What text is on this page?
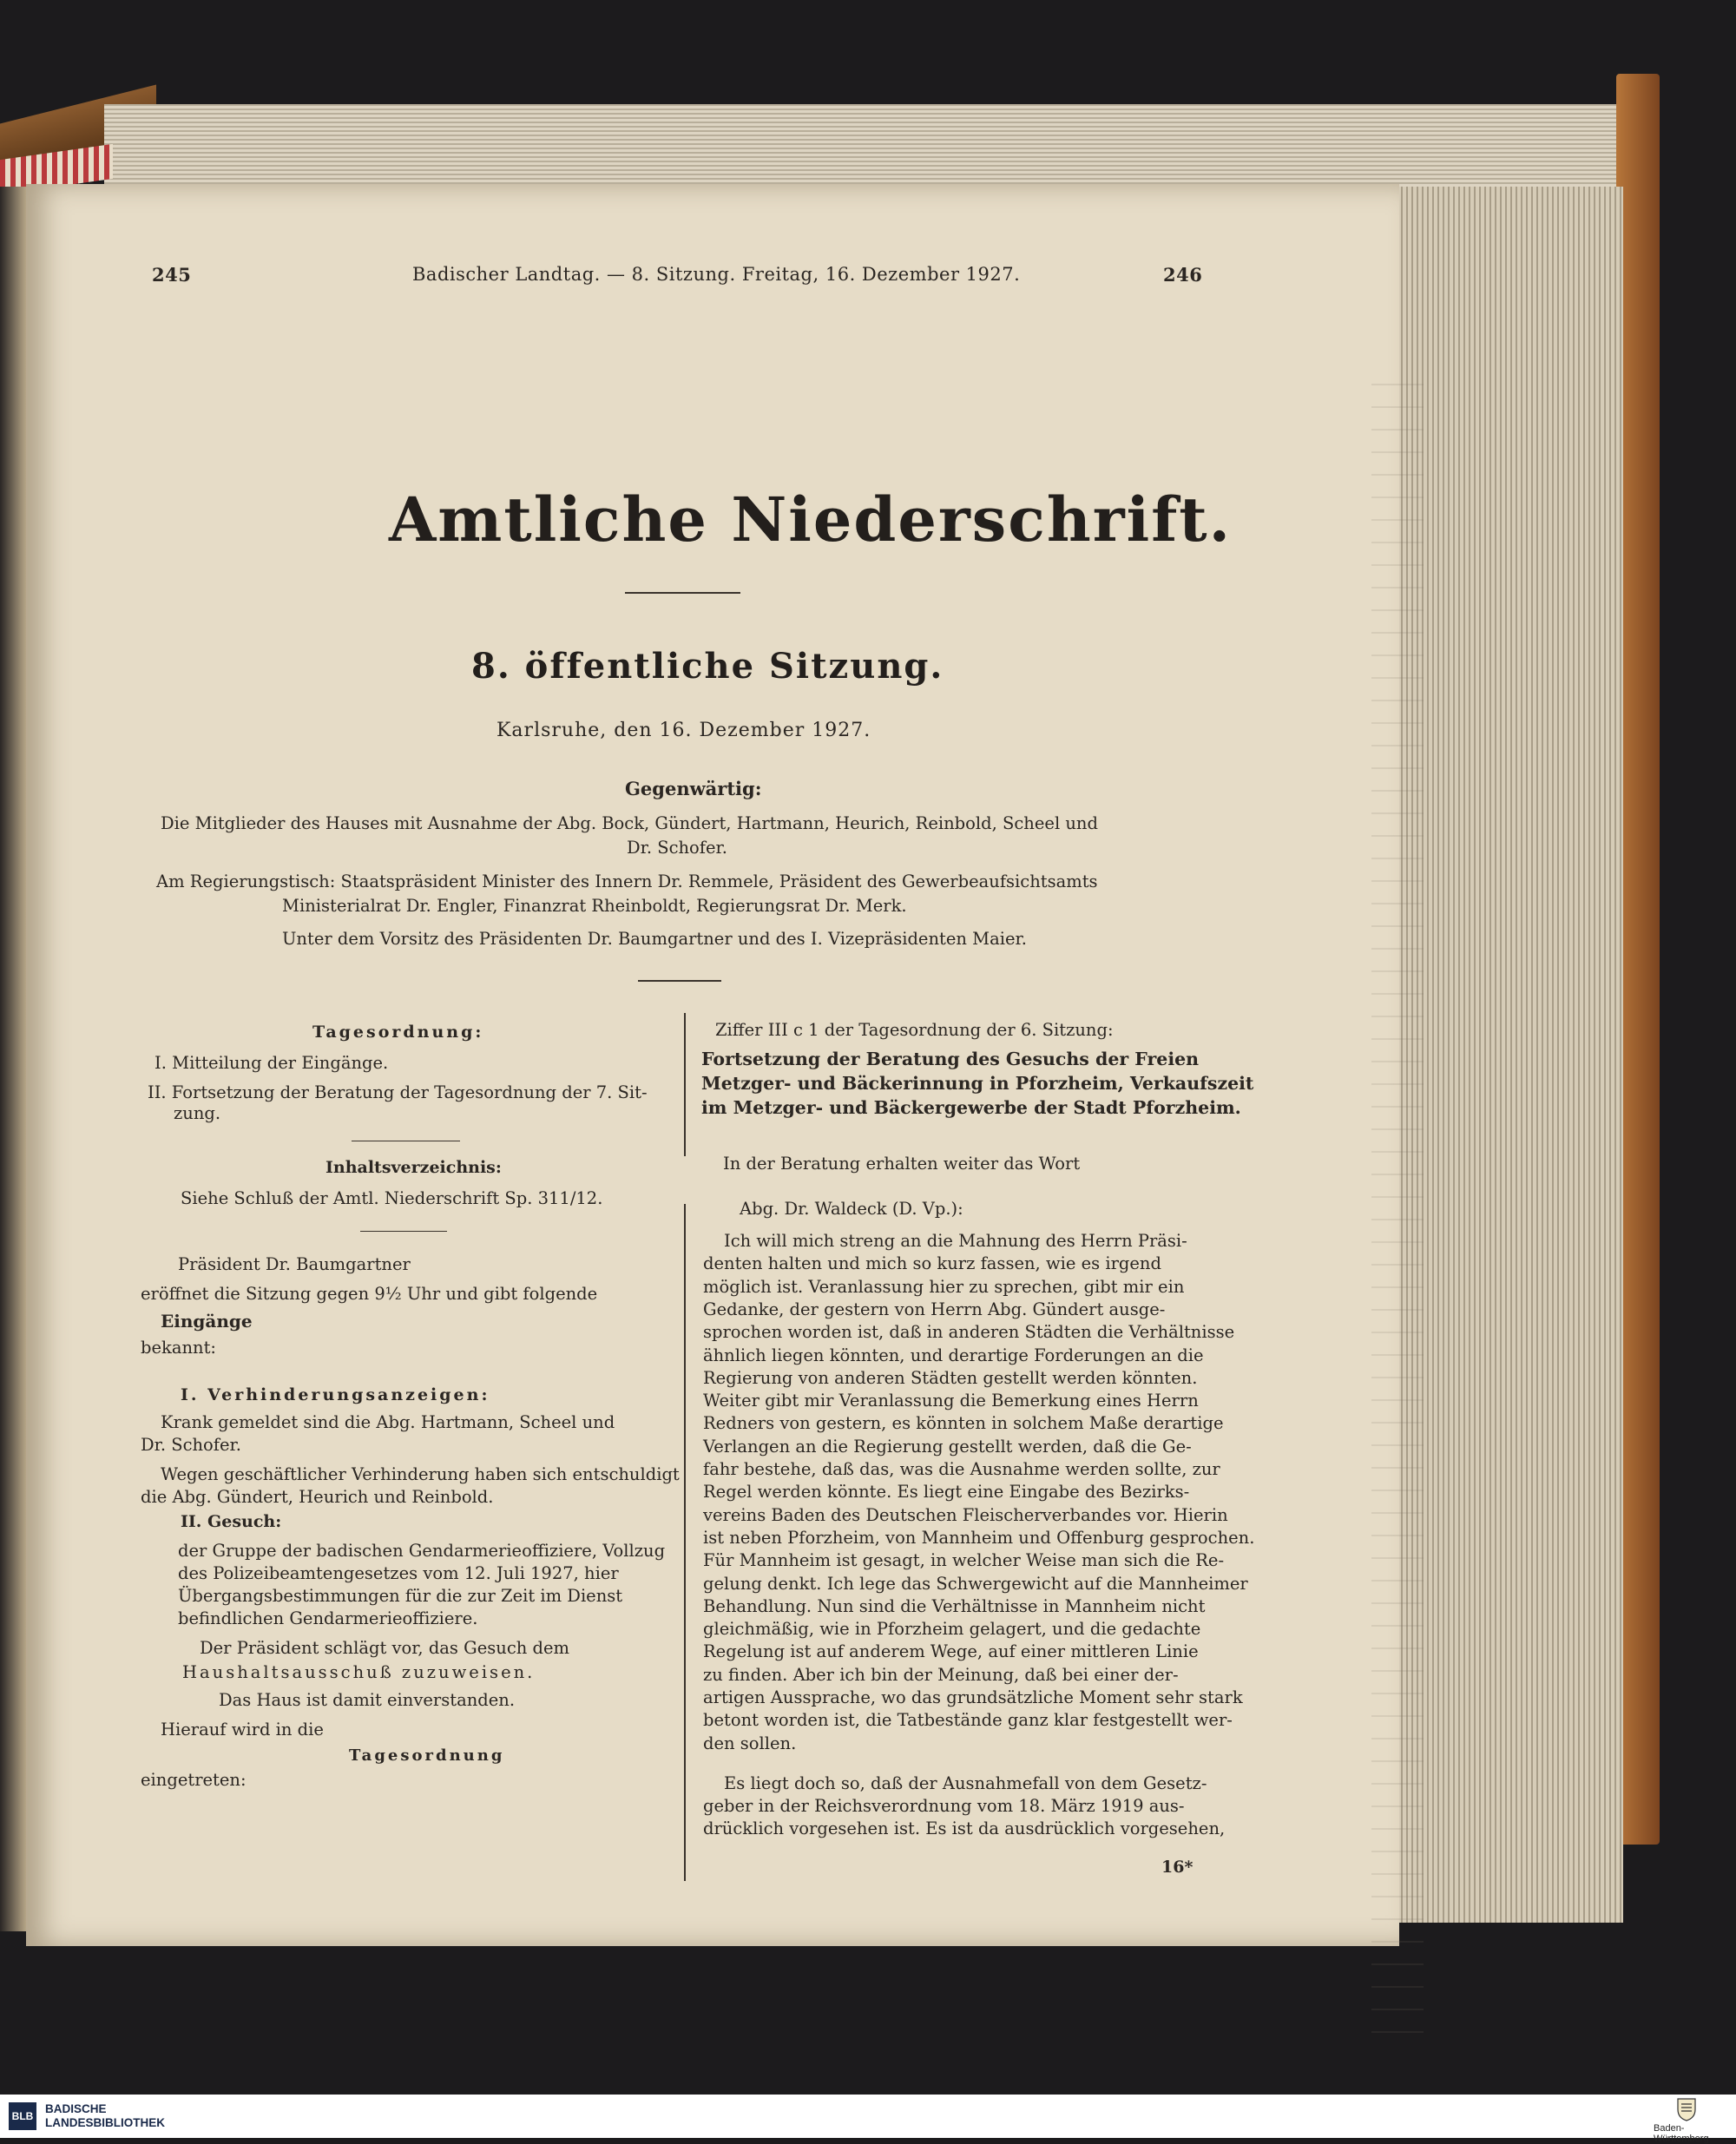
245	Badischer Landtag. — 8. Sitzung. Freitag, 16. Dezember 1927.	246
Amtliche Niederschrift.
8. öffentliche Sitzung.
Karlsruhe, den 16. Dezember 1927.
Gegenwärtig:
Die Mitglieder des Hauses mit Ausnahme der Abg. Bock, Gündert, Hartmann, Heurich, Reinbold, Scheel und
Dr. Schofer.
Am Regierungstisch: Staatspräsident Minister des Innern Dr. Remmele, Präsident des Gewerbeaufsichtsamts
Ministerialrat Dr. Engler, Finanzrat Rheinboldt, Regierungsrat Dr. Merk.
Unter dem Vorsitz des Präsidenten Dr. Baumgartner und des I. Vizepräsidenten Maier.
Tagesordnung:
I. Mitteilung der Eingänge.
II. Fortsetzung der Beratung der Tagesordnung der 7. Sit-
zung.
Inhaltsverzeichnis:
Siehe Schluß der Amtl. Niederschrift Sp. 311/12.
Präsident Dr. Baumgartner
eröffnet die Sitzung gegen 9½ Uhr und gibt folgende
Eingänge
bekannt:
I. Verhinderungsanzeigen:
Krank gemeldet sind die Abg. Hartmann, Scheel und
Dr. Schofer.
Wegen geschäftlicher Verhinderung haben sich entschuldigt
die Abg. Gündert, Heurich und Reinbold.
II. Gesuch:
der Gruppe der badischen Gendarmerieoffiziere, Vollzug
des Polizeibeamtengesetzes vom 12. Juli 1927, hier
Übergangsbestimmungen für die zur Zeit im Dienst
befindlichen Gendarmerieoffiziere.
Der Präsident schlägt vor, das Gesuch dem
Haushaltsausschuß zuzuweisen.
Das Haus ist damit einverstanden.
Hierauf wird in die
Tagesordnung
eingetreten:
Ziffer III c 1 der Tagesordnung der 6. Sitzung:
Fortsetzung der Beratung des Gesuchs der Freien
Metzger- und Bäckerinnung in Pforzheim, Verkaufszeit
im Metzger- und Bäckergewerbe der Stadt Pforzheim.
In der Beratung erhalten weiter das Wort
Abg. Dr. Waldeck (D. Vp.):
Ich will mich streng an die Mahnung des Herrn Präsi-
denten halten und mich so kurz fassen, wie es irgend
möglich ist. Veranlassung hier zu sprechen, gibt mir ein
Gedanke, der gestern von Herrn Abg. Gündert ausge-
sprochen worden ist, daß in anderen Städten die Verhältnisse
ähnlich liegen könnten, und derartige Forderungen an die
Regierung von anderen Städten gestellt werden könnten.
Weiter gibt mir Veranlassung die Bemerkung eines Herrn
Redners von gestern, es könnten in solchem Maße derartige
Verlangen an die Regierung gestellt werden, daß die Ge-
fahr bestehe, daß das, was die Ausnahme werden sollte, zur
Regel werden könnte. Es liegt eine Eingabe des Bezirks-
vereins Baden des Deutschen Fleischerverbandes vor. Hierin
ist neben Pforzheim, von Mannheim und Offenburg gesprochen.
Für Mannheim ist gesagt, in welcher Weise man sich die Re-
gelung denkt. Ich lege das Schwergewicht auf die Mannheimer
Behandlung. Nun sind die Verhältnisse in Mannheim nicht
gleichmäßig, wie in Pforzheim gelagert, und die gedachte
Regelung ist auf anderem Wege, auf einer mittleren Linie
zu finden. Aber ich bin der Meinung, daß bei einer der-
artigen Aussprache, wo das grundsätzliche Moment sehr stark
betont worden ist, die Tatbestände ganz klar festgestellt wer-
den sollen.
Es liegt doch so, daß der Ausnahmefall von dem Gesetz-
geber in der Reichsverordnung vom 18. März 1919 aus-
drücklich vorgesehen ist. Es ist da ausdrücklich vorgesehen,
16*
BLB
BADISCHE
LANDESBIBLIOTHEK	Baden-Württemberg
